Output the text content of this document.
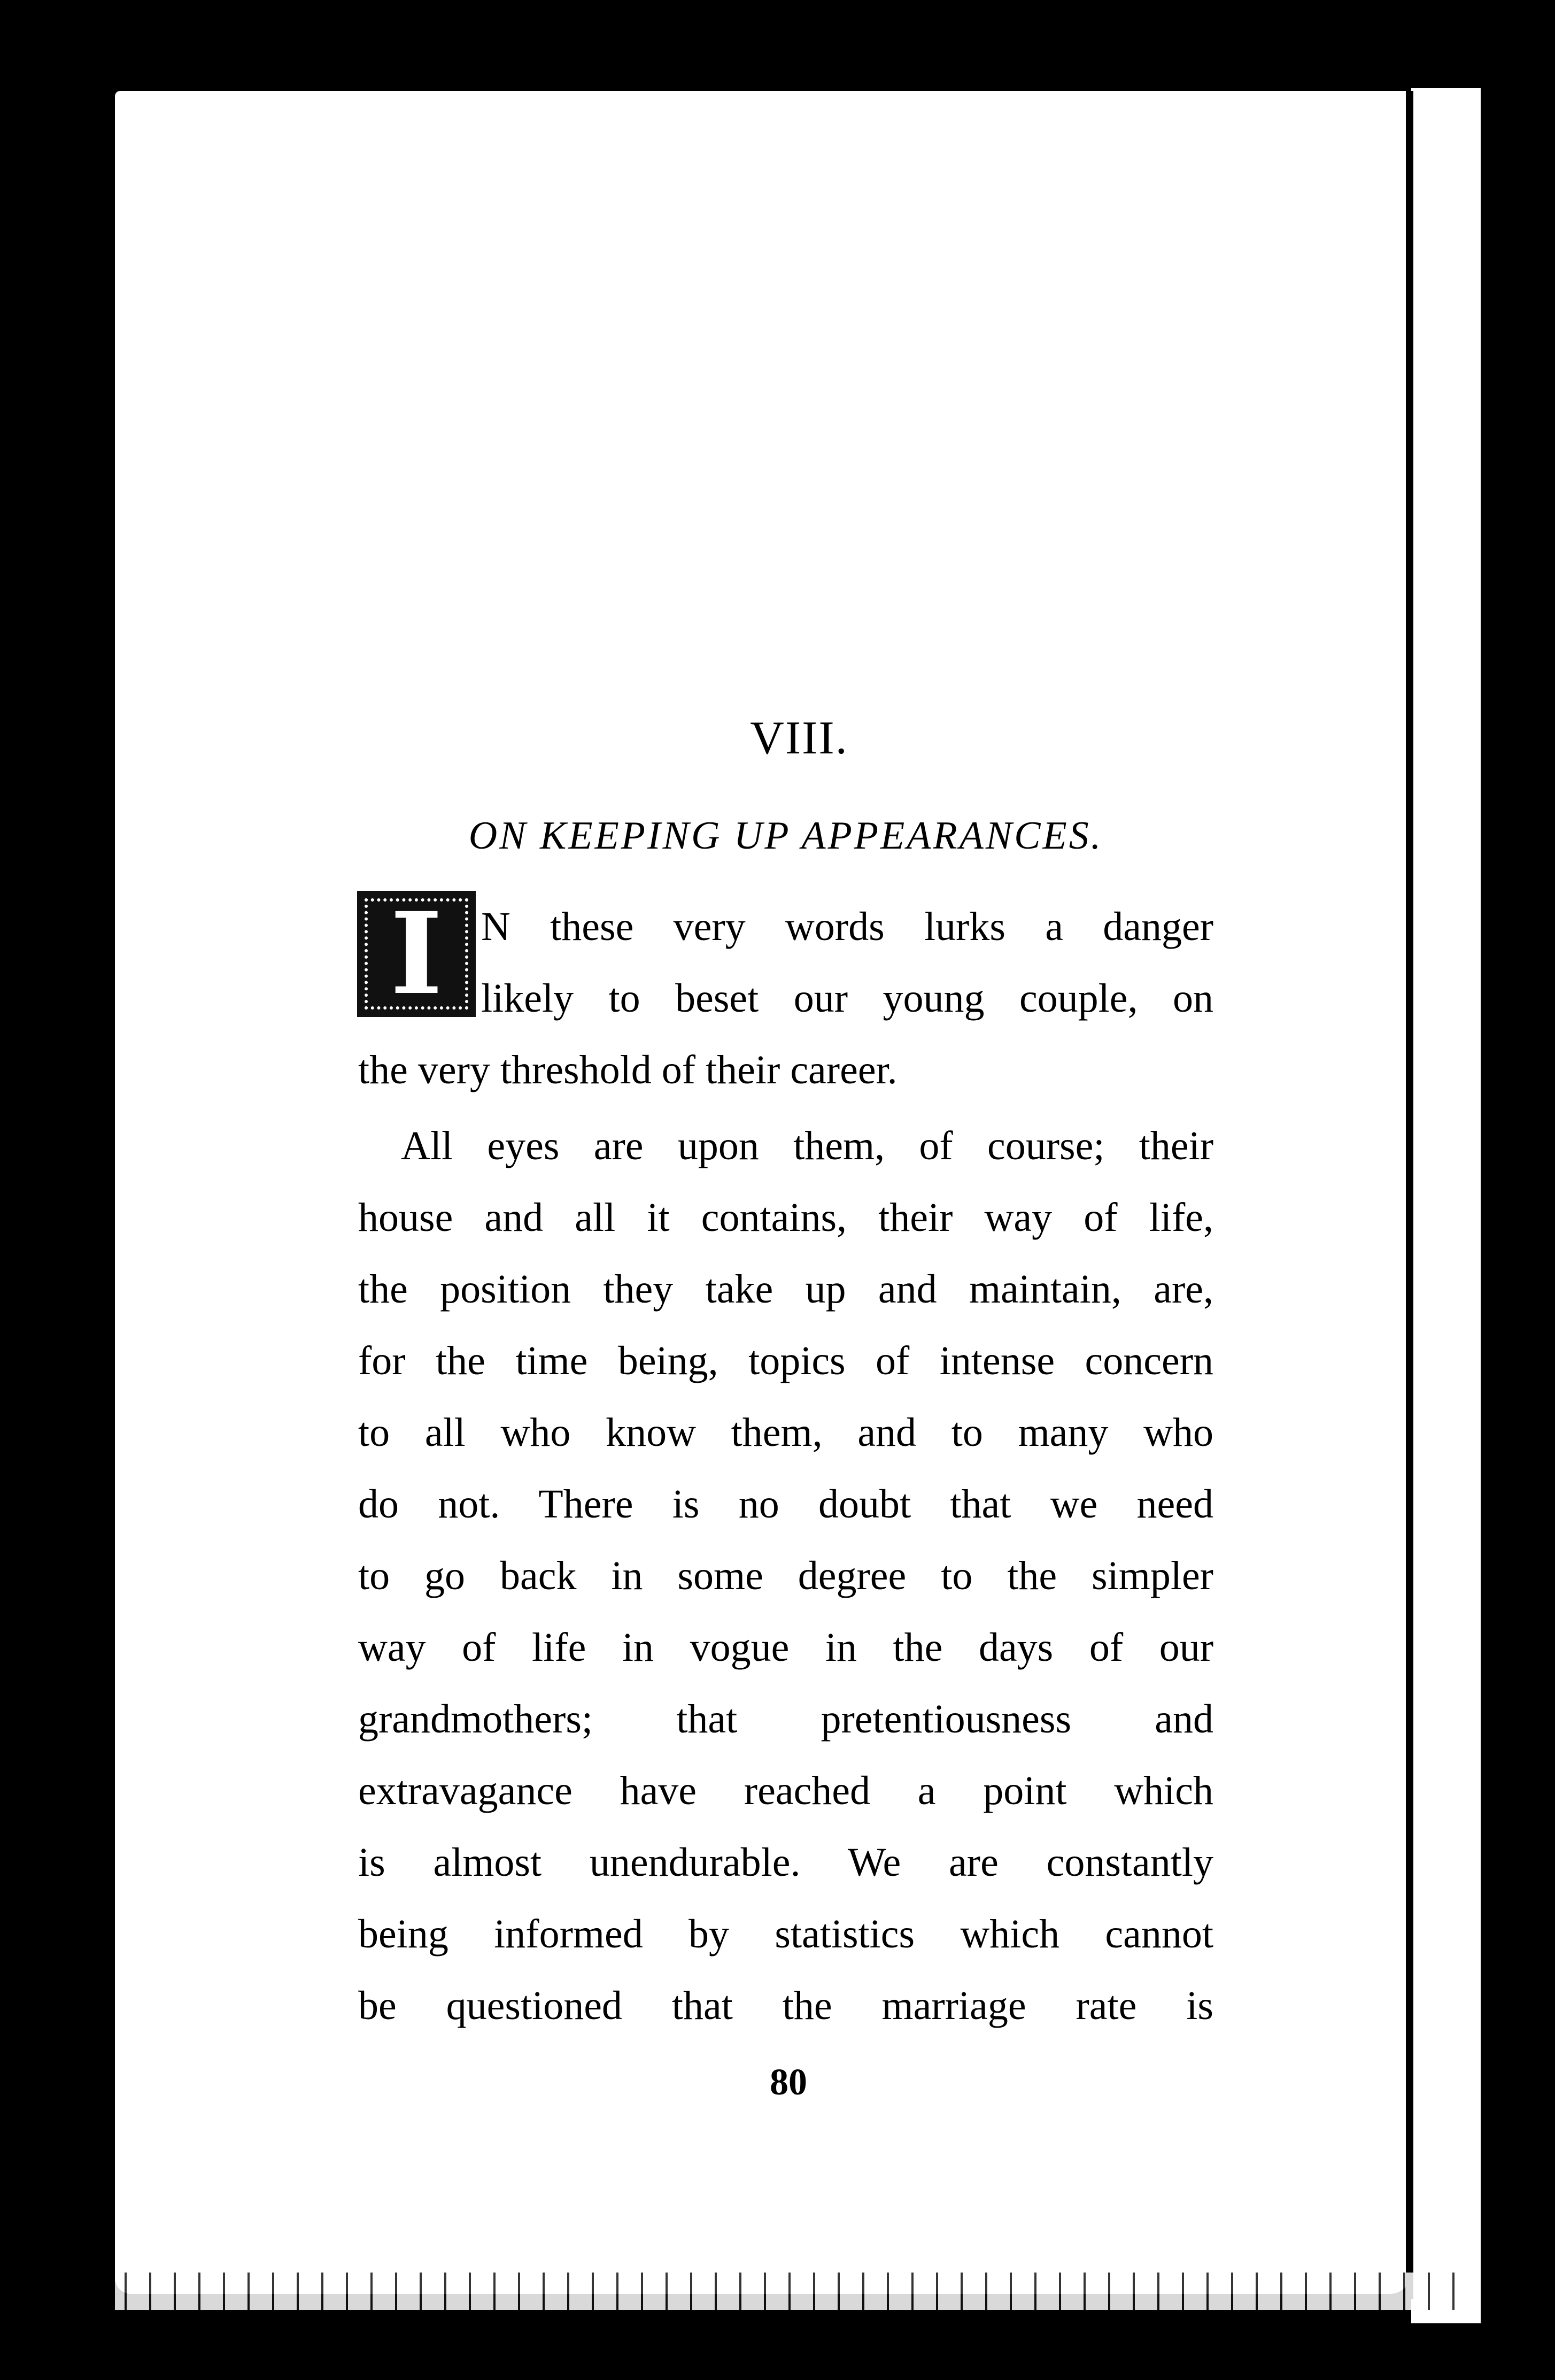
VIII.
ON KEEPING UP APPEARANCES.
I N these very words lurks a danger
likely to beset our young couple, on
the very threshold of their career.

All eyes are upon them, of course; their
house and all it contains, their way of life,
the position they take up and maintain, are,
for the time being, topics of intense concern
to all who know them, and to many who
do not. There is no doubt that we need
to go back in some degree to the simpler
way of life in vogue in the days of our
grandmothers; that pretentiousness and
extravagance have reached a point which
is almost unendurable. We are constantly
being informed by statistics which cannot
be questioned that the marriage rate is

80
